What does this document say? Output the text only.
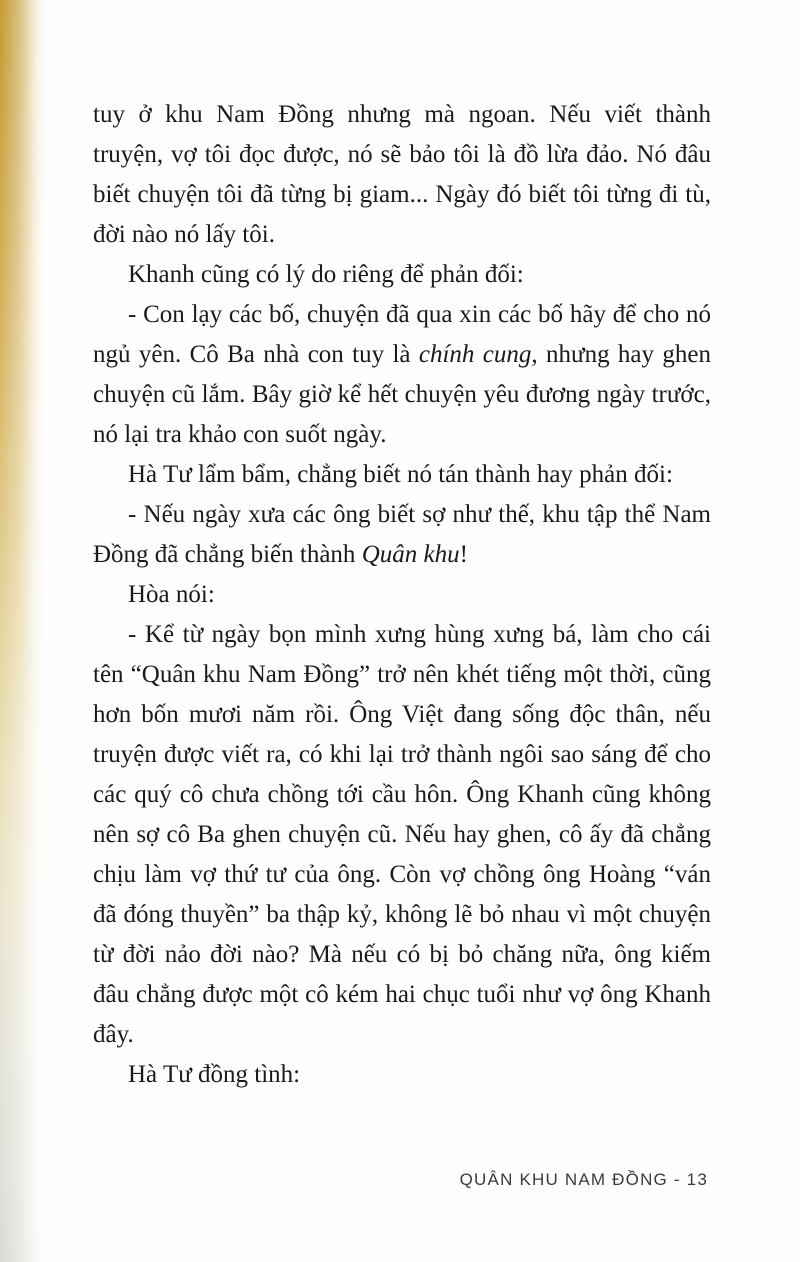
tuy ở khu Nam Đồng nhưng mà ngoan. Nếu viết thành truyện, vợ tôi đọc được, nó sẽ bảo tôi là đồ lừa đảo. Nó đâu biết chuyện tôi đã từng bị giam... Ngày đó biết tôi từng đi tù, đời nào nó lấy tôi.

Khanh cũng có lý do riêng để phản đối:

- Con lạy các bố, chuyện đã qua xin các bố hãy để cho nó ngủ yên. Cô Ba nhà con tuy là chính cung, nhưng hay ghen chuyện cũ lắm. Bây giờ kể hết chuyện yêu đương ngày trước, nó lại tra khảo con suốt ngày.

Hà Tư lẩm bẩm, chẳng biết nó tán thành hay phản đối:

- Nếu ngày xưa các ông biết sợ như thế, khu tập thể Nam Đồng đã chẳng biến thành Quân khu!

Hòa nói:

- Kể từ ngày bọn mình xưng hùng xưng bá, làm cho cái tên “Quân khu Nam Đồng” trở nên khét tiếng một thời, cũng hơn bốn mươi năm rồi. Ông Việt đang sống độc thân, nếu truyện được viết ra, có khi lại trở thành ngôi sao sáng để cho các quý cô chưa chồng tới cầu hôn. Ông Khanh cũng không nên sợ cô Ba ghen chuyện cũ. Nếu hay ghen, cô ấy đã chẳng chịu làm vợ thứ tư của ông. Còn vợ chồng ông Hoàng “ván đã đóng thuyền” ba thập kỷ, không lẽ bỏ nhau vì một chuyện từ đời nảo đời nào? Mà nếu có bị bỏ chăng nữa, ông kiếm đâu chẳng được một cô kém hai chục tuổi như vợ ông Khanh đây.

Hà Tư đồng tình:

QUÂN KHU NAM ĐỒNG - 13
